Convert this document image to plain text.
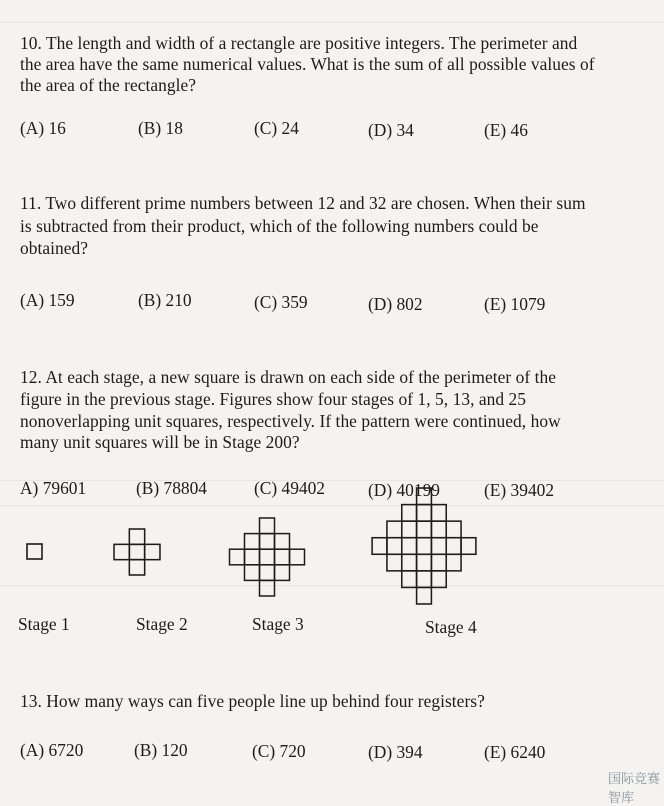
10. The length and width of a rectangle are positive integers. The perimeter and
the area have the same numerical values. What is the sum of all possible values of
the area of the rectangle?
(A) 16	(B) 18	(C) 24	(D) 34	(E) 46
11. Two different prime numbers between 12 and 32 are chosen. When their sum
is subtracted from their product, which of the following numbers could be
obtained?
(A) 159	(B) 210	(C) 359	(D) 802	(E) 1079
12. At each stage, a new square is drawn on each side of the perimeter of the
figure in the previous stage. Figures show four stages of 1, 5, 13, and 25
nonoverlapping unit squares, respectively. If the pattern were continued, how
many unit squares will be in Stage 200?
A) 79601	(B) 78804	(C) 49402 (D) 40199	(E) 39402
Stage 1	Stage 2	Stage 3	Stage 4
13. How many ways can five people line up behind four registers?
(A) 6720	(B) 120	(C) 720	(D) 394	(E) 6240
国际竞赛智库
